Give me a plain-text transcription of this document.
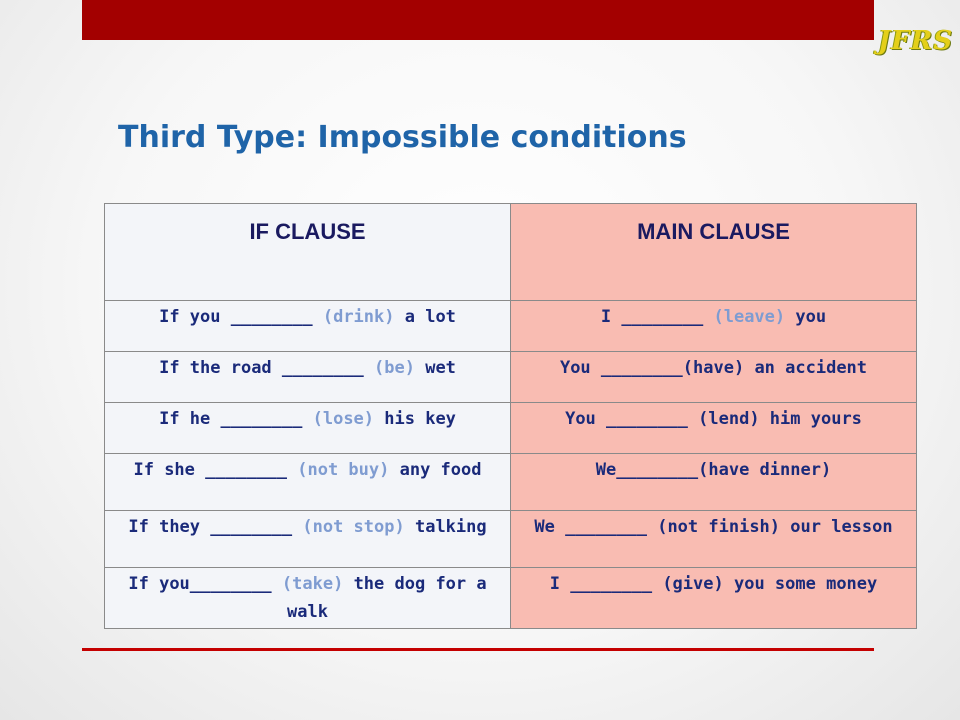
JFRS
Third Type: Impossible conditions
IF CLAUSE	MAIN CLAUSE
If you ________ (drink) a lot	I ________ (leave) you
If the road ________ (be) wet	You ________(have) an accident
If he ________ (lose) his key	You ________ (lend) him yours
If she ________ (not buy) any food	We________(have dinner)
If they ________ (not stop) talking	We ________ (not finish) our lesson
If you________ (take) the dog for a walk	I ________ (give) you some money
